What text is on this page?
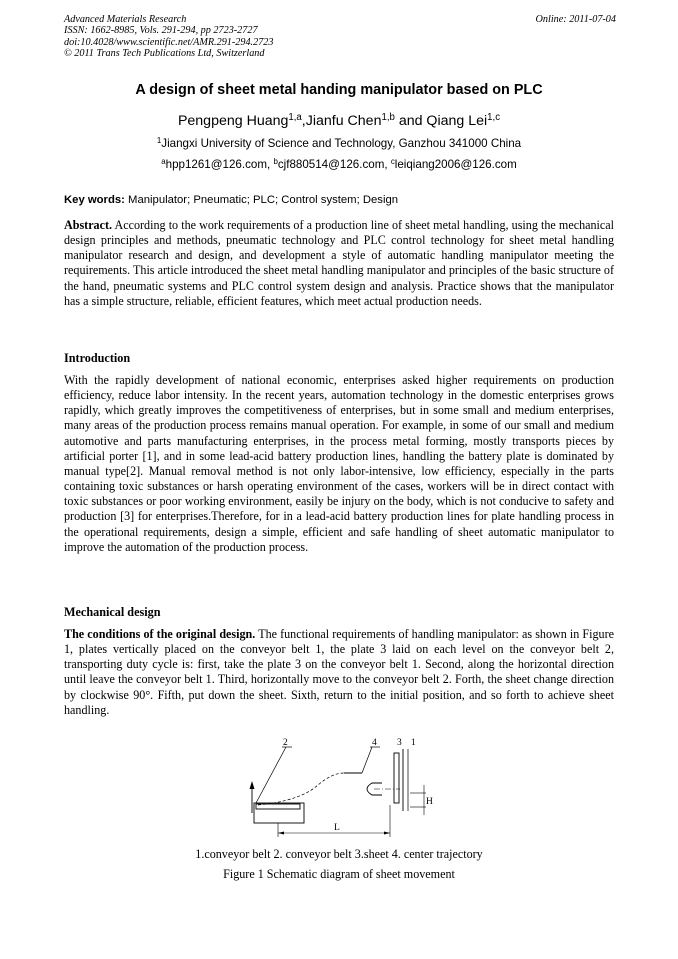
Advanced Materials Research
ISSN: 1662-8985, Vols. 291-294, pp 2723-2727
doi:10.4028/www.scientific.net/AMR.291-294.2723
© 2011 Trans Tech Publications Ltd, Switzerland
Online: 2011-07-04
A design of sheet metal handing manipulator based on PLC
Pengpeng Huang$^{1,a}$,Jianfu Chen$^{1,b}$ and Qiang Lei$^{1,c}$
$^1$Jiangxi University of Science and Technology, Ganzhou 341000 China
$^a$hpp1261@126.com, $^b$cjf880514@126.com, $^c$leiqiang2006@126.com
Key words: Manipulator; Pneumatic; PLC; Control system; Design
Abstract. According to the work requirements of a production line of sheet metal handling, using the mechanical design principles and methods, pneumatic technology and PLC control technology for sheet metal handling manipulator research and design, and development a style of automatic handling manipulator meeting the requirements. This article introduced the sheet metal handling manipulator and principles of the basic structure of the hand, pneumatic systems and PLC control system design and analysis. Practice shows that the manipulator has a simple structure, reliable, efficient features, which meet actual production needs.
Introduction
With the rapidly development of national economic, enterprises asked higher requirements on production efficiency, reduce labor intensity. In the recent years, automation technology in the domestic enterprises grows rapidly, which greatly improves the competitiveness of enterprises, but in some small and medium enterprises, many areas of the production process remains manual operation. For example, in some of our small and medium automotive and parts manufacturing enterprises, in the process metal forming, mostly transports pieces by artificial porter [1], and in some lead-acid battery production lines, handling the battery plate is dominated by manual type[2]. Manual removal method is not only labor-intensive, low efficiency, especially in the parts containing toxic substances or harsh operating environment of the cases, workers will be in direct contact with toxic substances or poor working environment, easily be injury on the body, which is not conducive to safety and production [3] for enterprises.Therefore, for in a lead-acid battery production lines for plate handling process in the operational requirements, design a simple, efficient and safe handling of sheet automatic manipulator to improve the automation of the production process.
Mechanical design
The conditions of the original design. The functional requirements of handling manipulator: as shown in Figure 1, plates vertically placed on the conveyor belt 1, the plate 3 laid on each level on the conveyor belt 2, transporting duty cycle is: first, take the plate 3 on the conveyor belt 1. Second, along the horizontal direction until leave the conveyor belt 1. Third, horizontally move to the conveyor belt 2. Forth, the sheet change direction by clockwise 90°. Fifth, put down the sheet. Sixth, return to the initial position, and so forth to achieve sheet handling.
2	4 3 1
H
L
1.conveyor belt 2. conveyor belt 3.sheet 4. center trajectory
Figure 1 Schematic diagram of sheet movement
